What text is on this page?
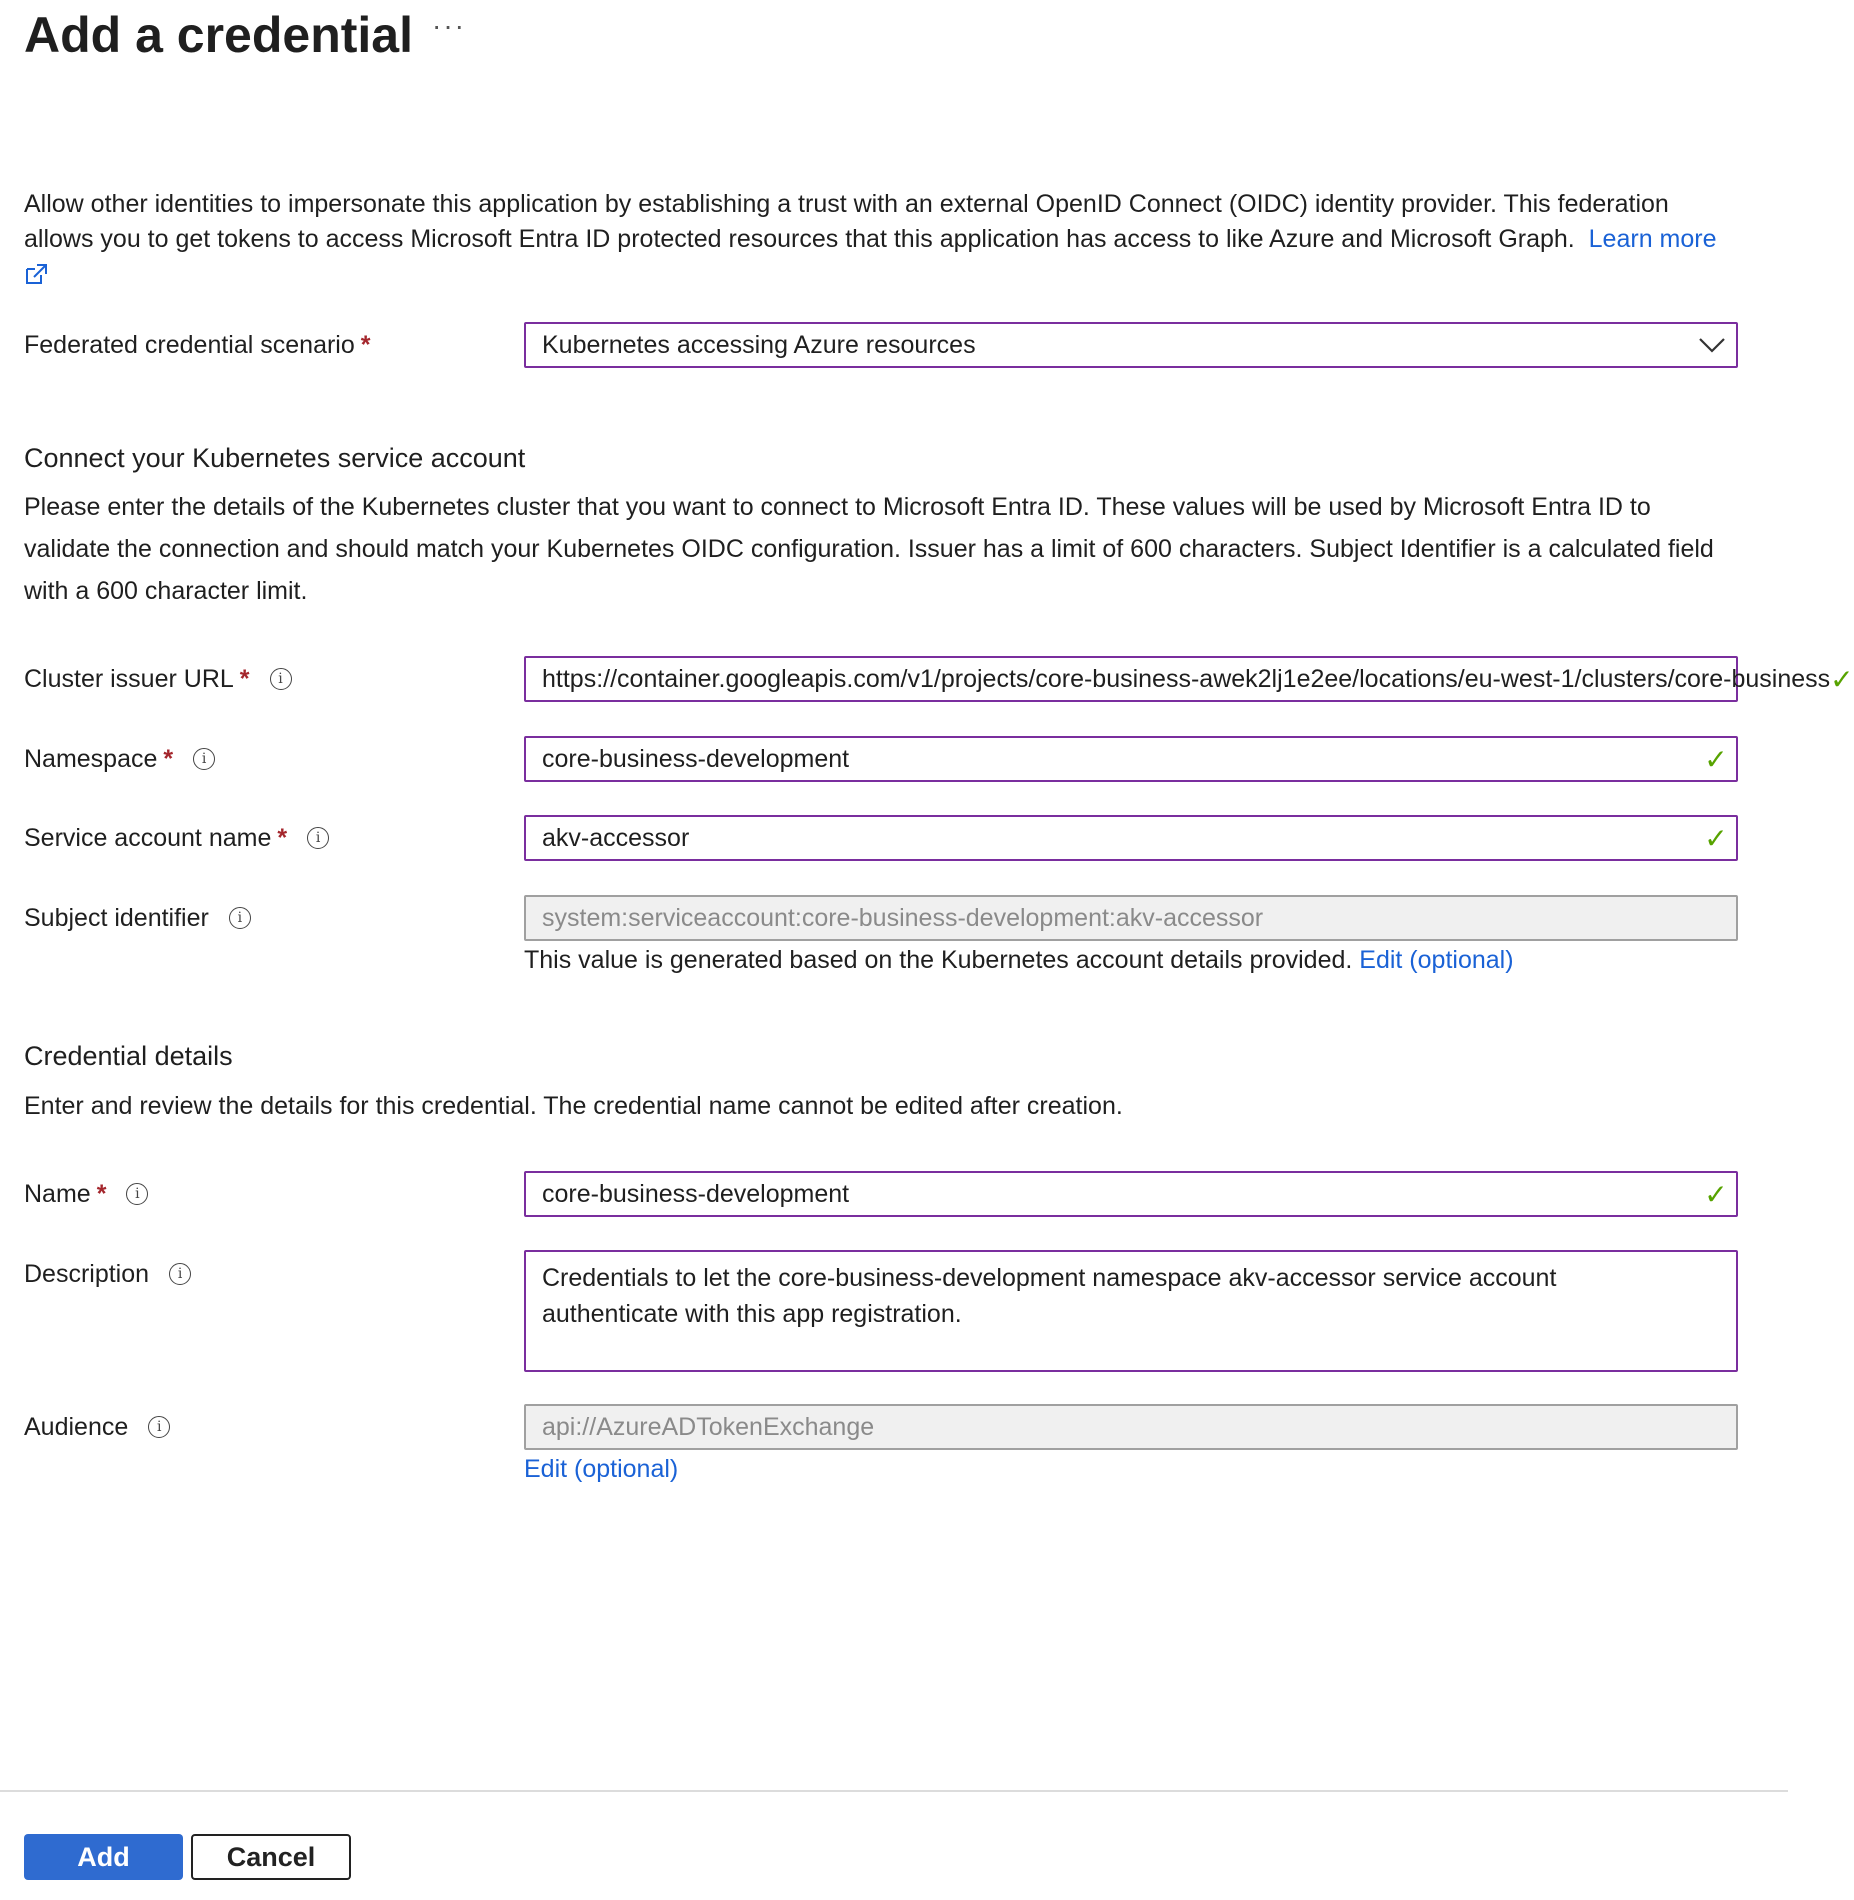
Add a credential ···
Allow other identities to impersonate this application by establishing a trust with an external OpenID Connect (OIDC) identity provider. This federation allows you to get tokens to access Microsoft Entra ID protected resources that this application has access to like Azure and Microsoft Graph. Learn more
Federated credential scenario *	Kubernetes accessing Azure resources
Connect your Kubernetes service account
Please enter the details of the Kubernetes cluster that you want to connect to Microsoft Entra ID. These values will be used by Microsoft Entra ID to validate the connection and should match your Kubernetes OIDC configuration. Issuer has a limit of 600 characters. Subject Identifier is a calculated field with a 600 character limit.
Cluster issuer URL *	i	https://container.googleapis.com/v1/projects/core-business-awek2lj1e2ee/locations/eu-west-1/clusters/core-business ✓
Namespace *	i	core-business-development	✓
Service account name *	i	akv-accessor	✓
Subject identifier	i	system:serviceaccount:core-business-development:akv-accessor
This value is generated based on the Kubernetes account details provided. Edit (optional)
Credential details
Enter and review the details for this credential. The credential name cannot be edited after creation.
Name *	i	core-business-development	✓
Description	i	Credentials to let the core-business-development namespace akv-accessor service account authenticate with this app registration.
Audience	i	api://AzureADTokenExchange
Edit (optional)
Add	Cancel
